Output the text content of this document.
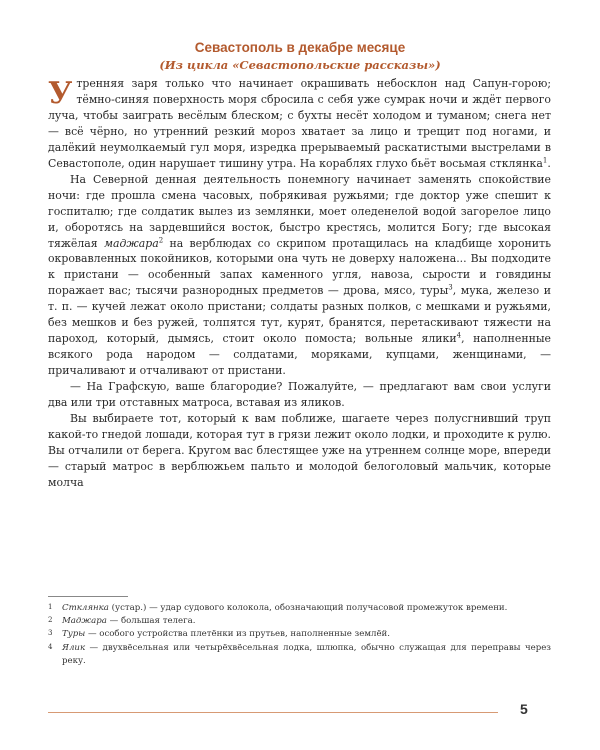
Севастополь в декабре месяце
(Из цикла «Севастопольские рассказы»)

Утренняя заря только что начинает окрашивать небосклон над Сапун-горою; тёмно-синяя поверхность моря сбросила с себя уже сумрак ночи и ждёт первого луча, чтобы заиграть весёлым блеском; с бухты несёт холодом и туманом; снега нет — всё чёрно, но утренний резкий мороз хватает за лицо и трещит под ногами, и далёкий неумолкаемый гул моря, изредка прерываемый раскатистыми выстрелами в Севастополе, один нарушает тишину утра. На кораблях глухо бьёт восьмая стклянка$^1$.

На Северной денная деятельность понемногу начинает заменять спокойствие ночи: где прошла смена часовых, побрякивая ружьями; где доктор уже спешит к госпиталю; где солдатик вылез из землянки, моет оледенелой водой загорелое лицо и, оборотясь на зардевшийся восток, быстро крестясь, молится Богу; где высокая тяжёлая маджара$^2$ на верблюдах со скрипом протащилась на кладбище хоронить окровавленных покойников, которыми она чуть не доверху наложена... Вы подходите к пристани — особенный запах каменного угля, навоза, сырости и говядины поражает вас; тысячи разнородных предметов — дрова, мясо, туры$^3$, мука, железо и т. п. — кучей лежат около пристани; солдаты разных полков, с мешками и ружьями, без мешков и без ружей, толпятся тут, курят, бранятся, перетаскивают тяжести на пароход, который, дымясь, стоит около помоста; вольные ялики$^4$, наполненные всякого рода народом — солдатами, моряками, купцами, женщинами, — причаливают и отчаливают от пристани.

— На Графскую, ваше благородие? Пожалуйте, — предлагают вам свои услуги два или три отставных матроса, вставая из яликов.

Вы выбираете тот, который к вам поближе, шагаете через полусгнивший труп какой-то гнедой лошади, которая тут в грязи лежит около лодки, и проходите к рулю. Вы отчалили от берега. Кругом вас блестящее уже на утреннем солнце море, впереди — старый матрос в верблюжьем пальто и молодой белоголовый мальчик, которые молча

1	Стклянка (устар.) — удар судового колокола, обозначающий получасовой промежуток времени.
2	Маджара — большая телега.
3	Туры — особого устройства плетёнки из прутьев, наполненные землёй.
4	Ялик — двухвёсельная или четырёхвёсельная лодка, шлюпка, обычно служащая для переправы через реку.
5
